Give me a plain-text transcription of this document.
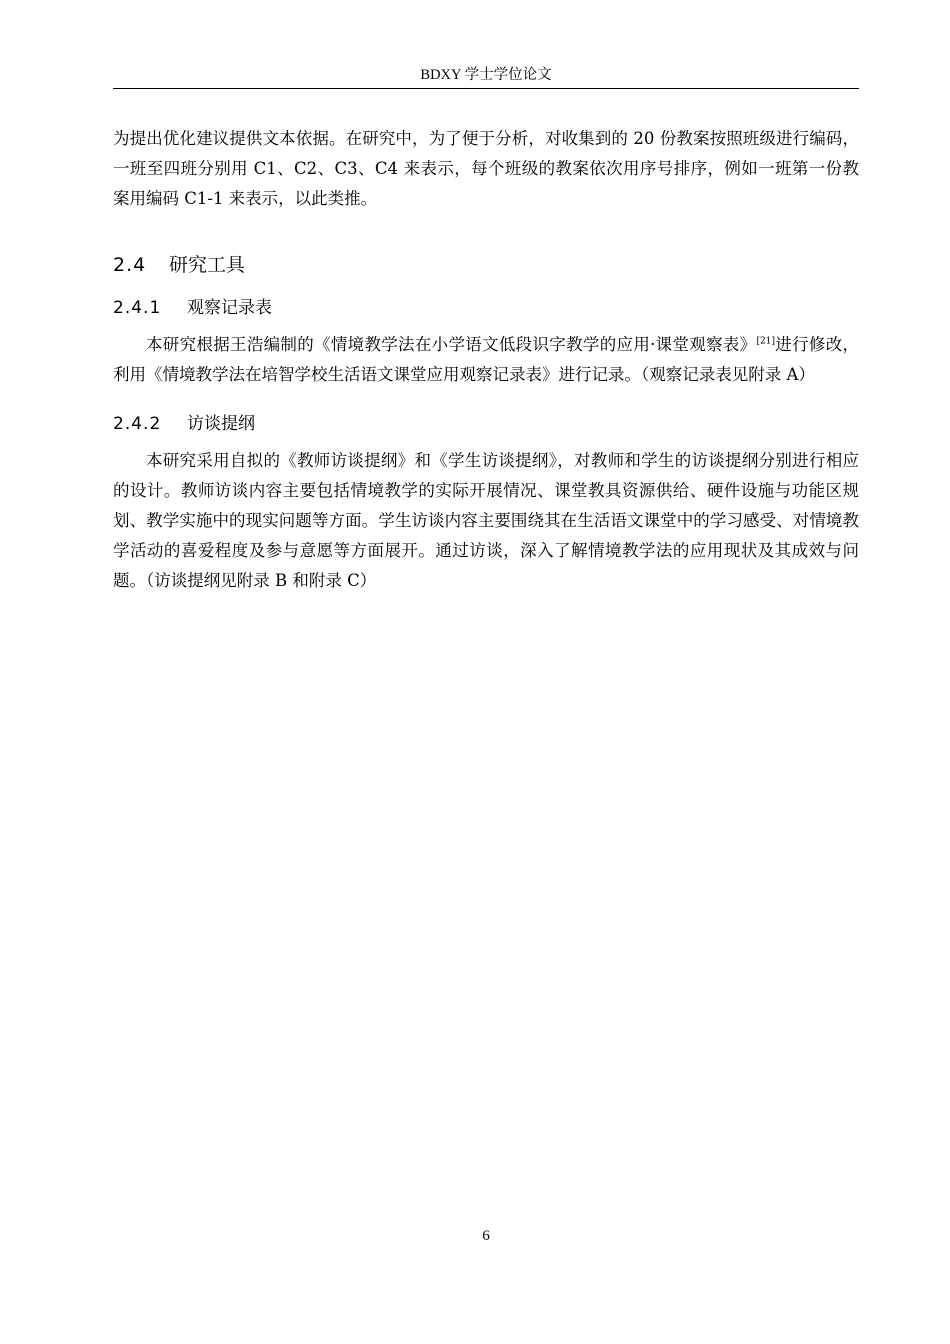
BDXY 学士学位论文

为提出优化建议提供文本依据。在研究中，为了便于分析，对收集到的 20 份教案按照班级进行编码，一班至四班分别用 C1、C2、C3、C4 来表示，每个班级的教案依次用序号排序，例如一班第一份教案用编码 C1-1 来表示，以此类推。

2.4	研究工具
2.4.1	观察记录表

本研究根据王浩编制的《情境教学法在小学语文低段识字教学的应用·课堂观察表》[21]进行修改，利用《情境教学法在培智学校生活语文课堂应用观察记录表》进行记录。（观察记录表见附录 A）

2.4.2	访谈提纲

本研究采用自拟的《教师访谈提纲》和《学生访谈提纲》，对教师和学生的访谈提纲分别进行相应的设计。教师访谈内容主要包括情境教学的实际开展情况、课堂教具资源供给、硬件设施与功能区规划、教学实施中的现实问题等方面。学生访谈内容主要围绕其在生活语文课堂中的学习感受、对情境教学活动的喜爱程度及参与意愿等方面展开。通过访谈，深入了解情境教学法的应用现状及其成效与问题。（访谈提纲见附录 B 和附录 C）

6
